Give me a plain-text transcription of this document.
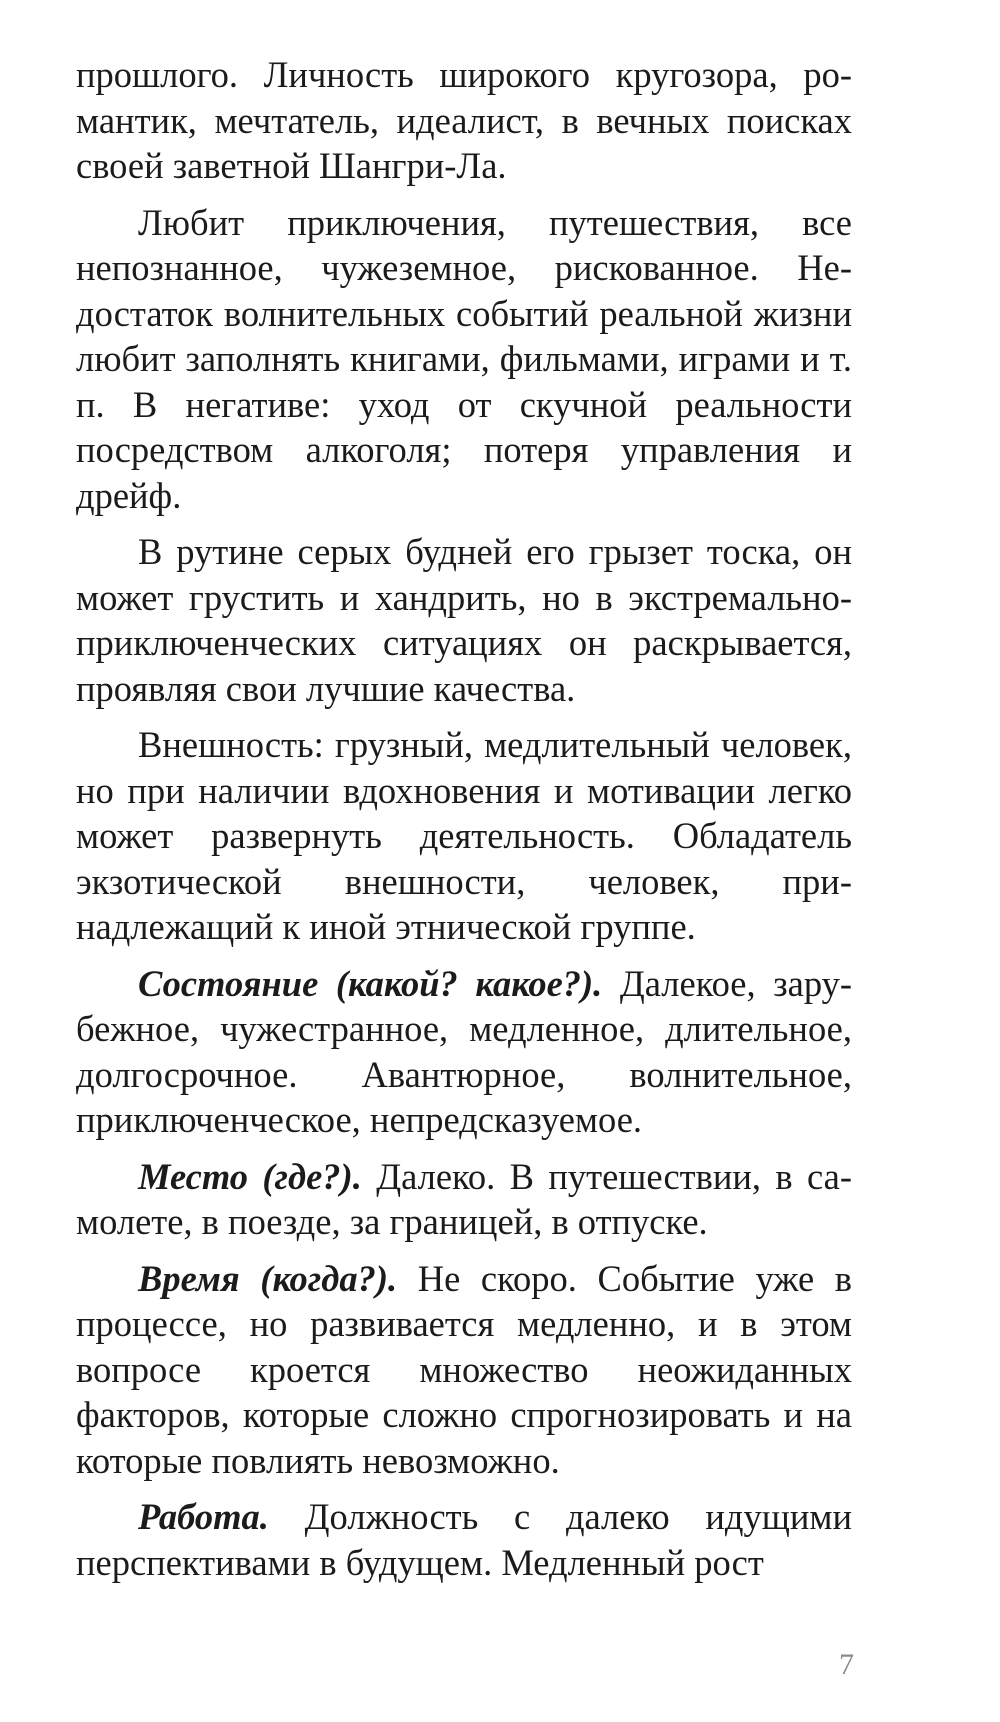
прошлого. Личность широкого кругозора, романтик, мечтатель, идеалист, в вечных поисках своей заветной Шангри-Ла.

Любит приключения, путешествия, все непознанное, чужеземное, рискованное. Недостаток волнительных событий реальной жизни любит заполнять книгами, фильмами, играми и т. п. В негативе: уход от скучной реальности посредством алкоголя; потеря управления и дрейф.

В рутине серых будней его грызет тоска, он может грустить и хандрить, но в экстремально-приключенческих ситуациях он раскрывается, проявляя свои лучшие качества.

Внешность: грузный, медлительный человек, но при наличии вдохновения и мотивации легко может развернуть деятельность. Обладатель экзотической внешности, человек, принадлежащий к иной этнической группе.

Состояние (какой? какое?). Далекое, зарубежное, чужестранное, медленное, длительное, долгосрочное. Авантюрное, волнительное, приключенческое, непредсказуемое.

Место (где?). Далеко. В путешествии, в самолете, в поезде, за границей, в отпуске.

Время (когда?). Не скоро. Событие уже в процессе, но развивается медленно, и в этом вопросе кроется множество неожиданных факторов, которые сложно спрогнозировать и на которые повлиять невозможно.

Работа. Должность с далеко идущими перспективами в будущем. Медленный рост

7
